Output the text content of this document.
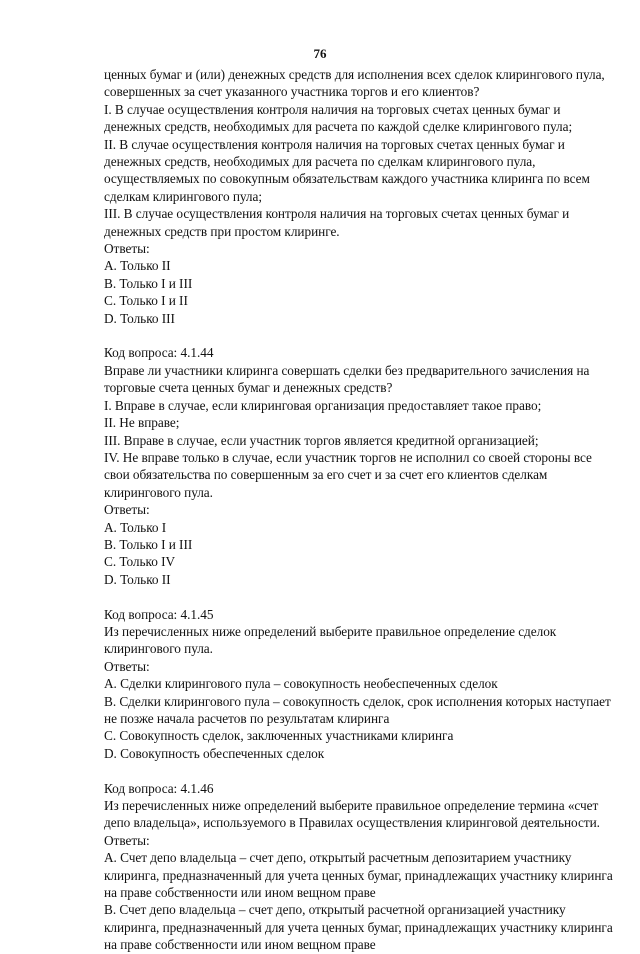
76
ценных бумаг и (или) денежных средств для исполнения всех сделок клирингового пула,
совершенных за счет указанного участника торгов и его клиентов?
I. В случае осуществления контроля наличия на торговых счетах ценных бумаг и
денежных средств, необходимых для расчета по каждой сделке клирингового пула;
II. В случае осуществления контроля наличия на торговых счетах ценных бумаг и
денежных средств, необходимых для расчета по сделкам клирингового пула,
осуществляемых по совокупным обязательствам каждого участника клиринга по всем
сделкам клирингового пула;
III. В случае осуществления контроля наличия на торговых счетах ценных бумаг и
денежных средств при простом клиринге.
Ответы:
A. Только II
B. Только I и III
C. Только I и II
D. Только III
Код вопроса: 4.1.44
Вправе ли участники клиринга совершать сделки без предварительного зачисления на
торговые счета ценных бумаг и денежных средств?
I. Вправе в случае, если клиринговая организация предоставляет такое право;
II. Не вправе;
III. Вправе в случае, если участник торгов является кредитной организацией;
IV. Не вправе только в случае, если участник торгов не исполнил со своей стороны все
свои обязательства по совершенным за его счет и за счет его клиентов сделкам
клирингового пула.
Ответы:
A. Только I
B. Только I и III
C. Только IV
D. Только II
Код вопроса: 4.1.45
Из перечисленных ниже определений выберите правильное определение сделок
клирингового пула.
Ответы:
A. Сделки клирингового пула – совокупность необеспеченных сделок
B. Сделки клирингового пула – совокупность сделок, срок исполнения которых наступает
не позже начала расчетов по результатам клиринга
C. Совокупность сделок, заключенных участниками клиринга
D. Совокупность обеспеченных сделок
Код вопроса: 4.1.46
Из перечисленных ниже определений выберите правильное определение термина «счет
депо владельца», используемого в Правилах осуществления клиринговой деятельности.
Ответы:
A. Счет депо владельца – счет депо, открытый расчетным депозитарием участнику
клиринга, предназначенный для учета ценных бумаг, принадлежащих участнику клиринга
на праве собственности или ином вещном праве
B. Счет депо владельца – счет депо, открытый расчетной организацией участнику
клиринга, предназначенный для учета ценных бумаг, принадлежащих участнику клиринга
на праве собственности или ином вещном праве
